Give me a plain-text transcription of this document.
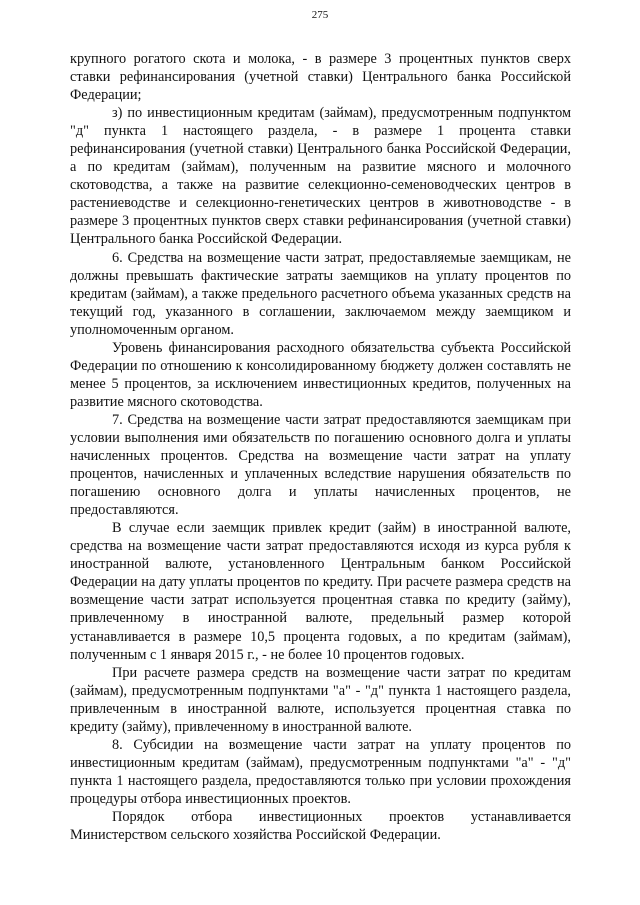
275

крупного рогатого скота и молока, - в размере 3 процентных пунктов сверх ставки рефинансирования (учетной ставки) Центрального банка Российской Федерации;

з) по инвестиционным кредитам (займам), предусмотренным подпунктом "д" пункта 1 настоящего раздела, - в размере 1 процента ставки рефинансирования (учетной ставки) Центрального банка Российской Федерации, а по кредитам (займам), полученным на развитие мясного и молочного скотоводства, а также на развитие селекционно-семеноводческих центров в растениеводстве и селекционно-генетических центров в животноводстве - в размере 3 процентных пунктов сверх ставки рефинансирования (учетной ставки) Центрального банка Российской Федерации.

6. Средства на возмещение части затрат, предоставляемые заемщикам, не должны превышать фактические затраты заемщиков на уплату процентов по кредитам (займам), а также предельного расчетного объема указанных средств на текущий год, указанного в соглашении, заключаемом между заемщиком и уполномоченным органом.

Уровень финансирования расходного обязательства субъекта Российской Федерации по отношению к консолидированному бюджету должен составлять не менее 5 процентов, за исключением инвестиционных кредитов, полученных на развитие мясного скотоводства.

7. Средства на возмещение части затрат предоставляются заемщикам при условии выполнения ими обязательств по погашению основного долга и уплаты начисленных процентов. Средства на возмещение части затрат на уплату процентов, начисленных и уплаченных вследствие нарушения обязательств по погашению основного долга и уплаты начисленных процентов, не предоставляются.

В случае если заемщик привлек кредит (займ) в иностранной валюте, средства на возмещение части затрат предоставляются исходя из курса рубля к иностранной валюте, установленного Центральным банком Российской Федерации на дату уплаты процентов по кредиту. При расчете размера средств на возмещение части затрат используется процентная ставка по кредиту (займу), привлеченному в иностранной валюте, предельный размер которой устанавливается в размере 10,5 процента годовых, а по кредитам (займам), полученным с 1 января 2015 г., - не более 10 процентов годовых.

При расчете размера средств на возмещение части затрат по кредитам (займам), предусмотренным подпунктами "а" - "д" пункта 1 настоящего раздела, привлеченным в иностранной валюте, используется процентная ставка по кредиту (займу), привлеченному в иностранной валюте.

8. Субсидии на возмещение части затрат на уплату процентов по инвестиционным кредитам (займам), предусмотренным подпунктами "а" - "д" пункта 1 настоящего раздела, предоставляются только при условии прохождения процедуры отбора инвестиционных проектов.

Порядок отбора инвестиционных проектов устанавливается Министерством сельского хозяйства Российской Федерации.
